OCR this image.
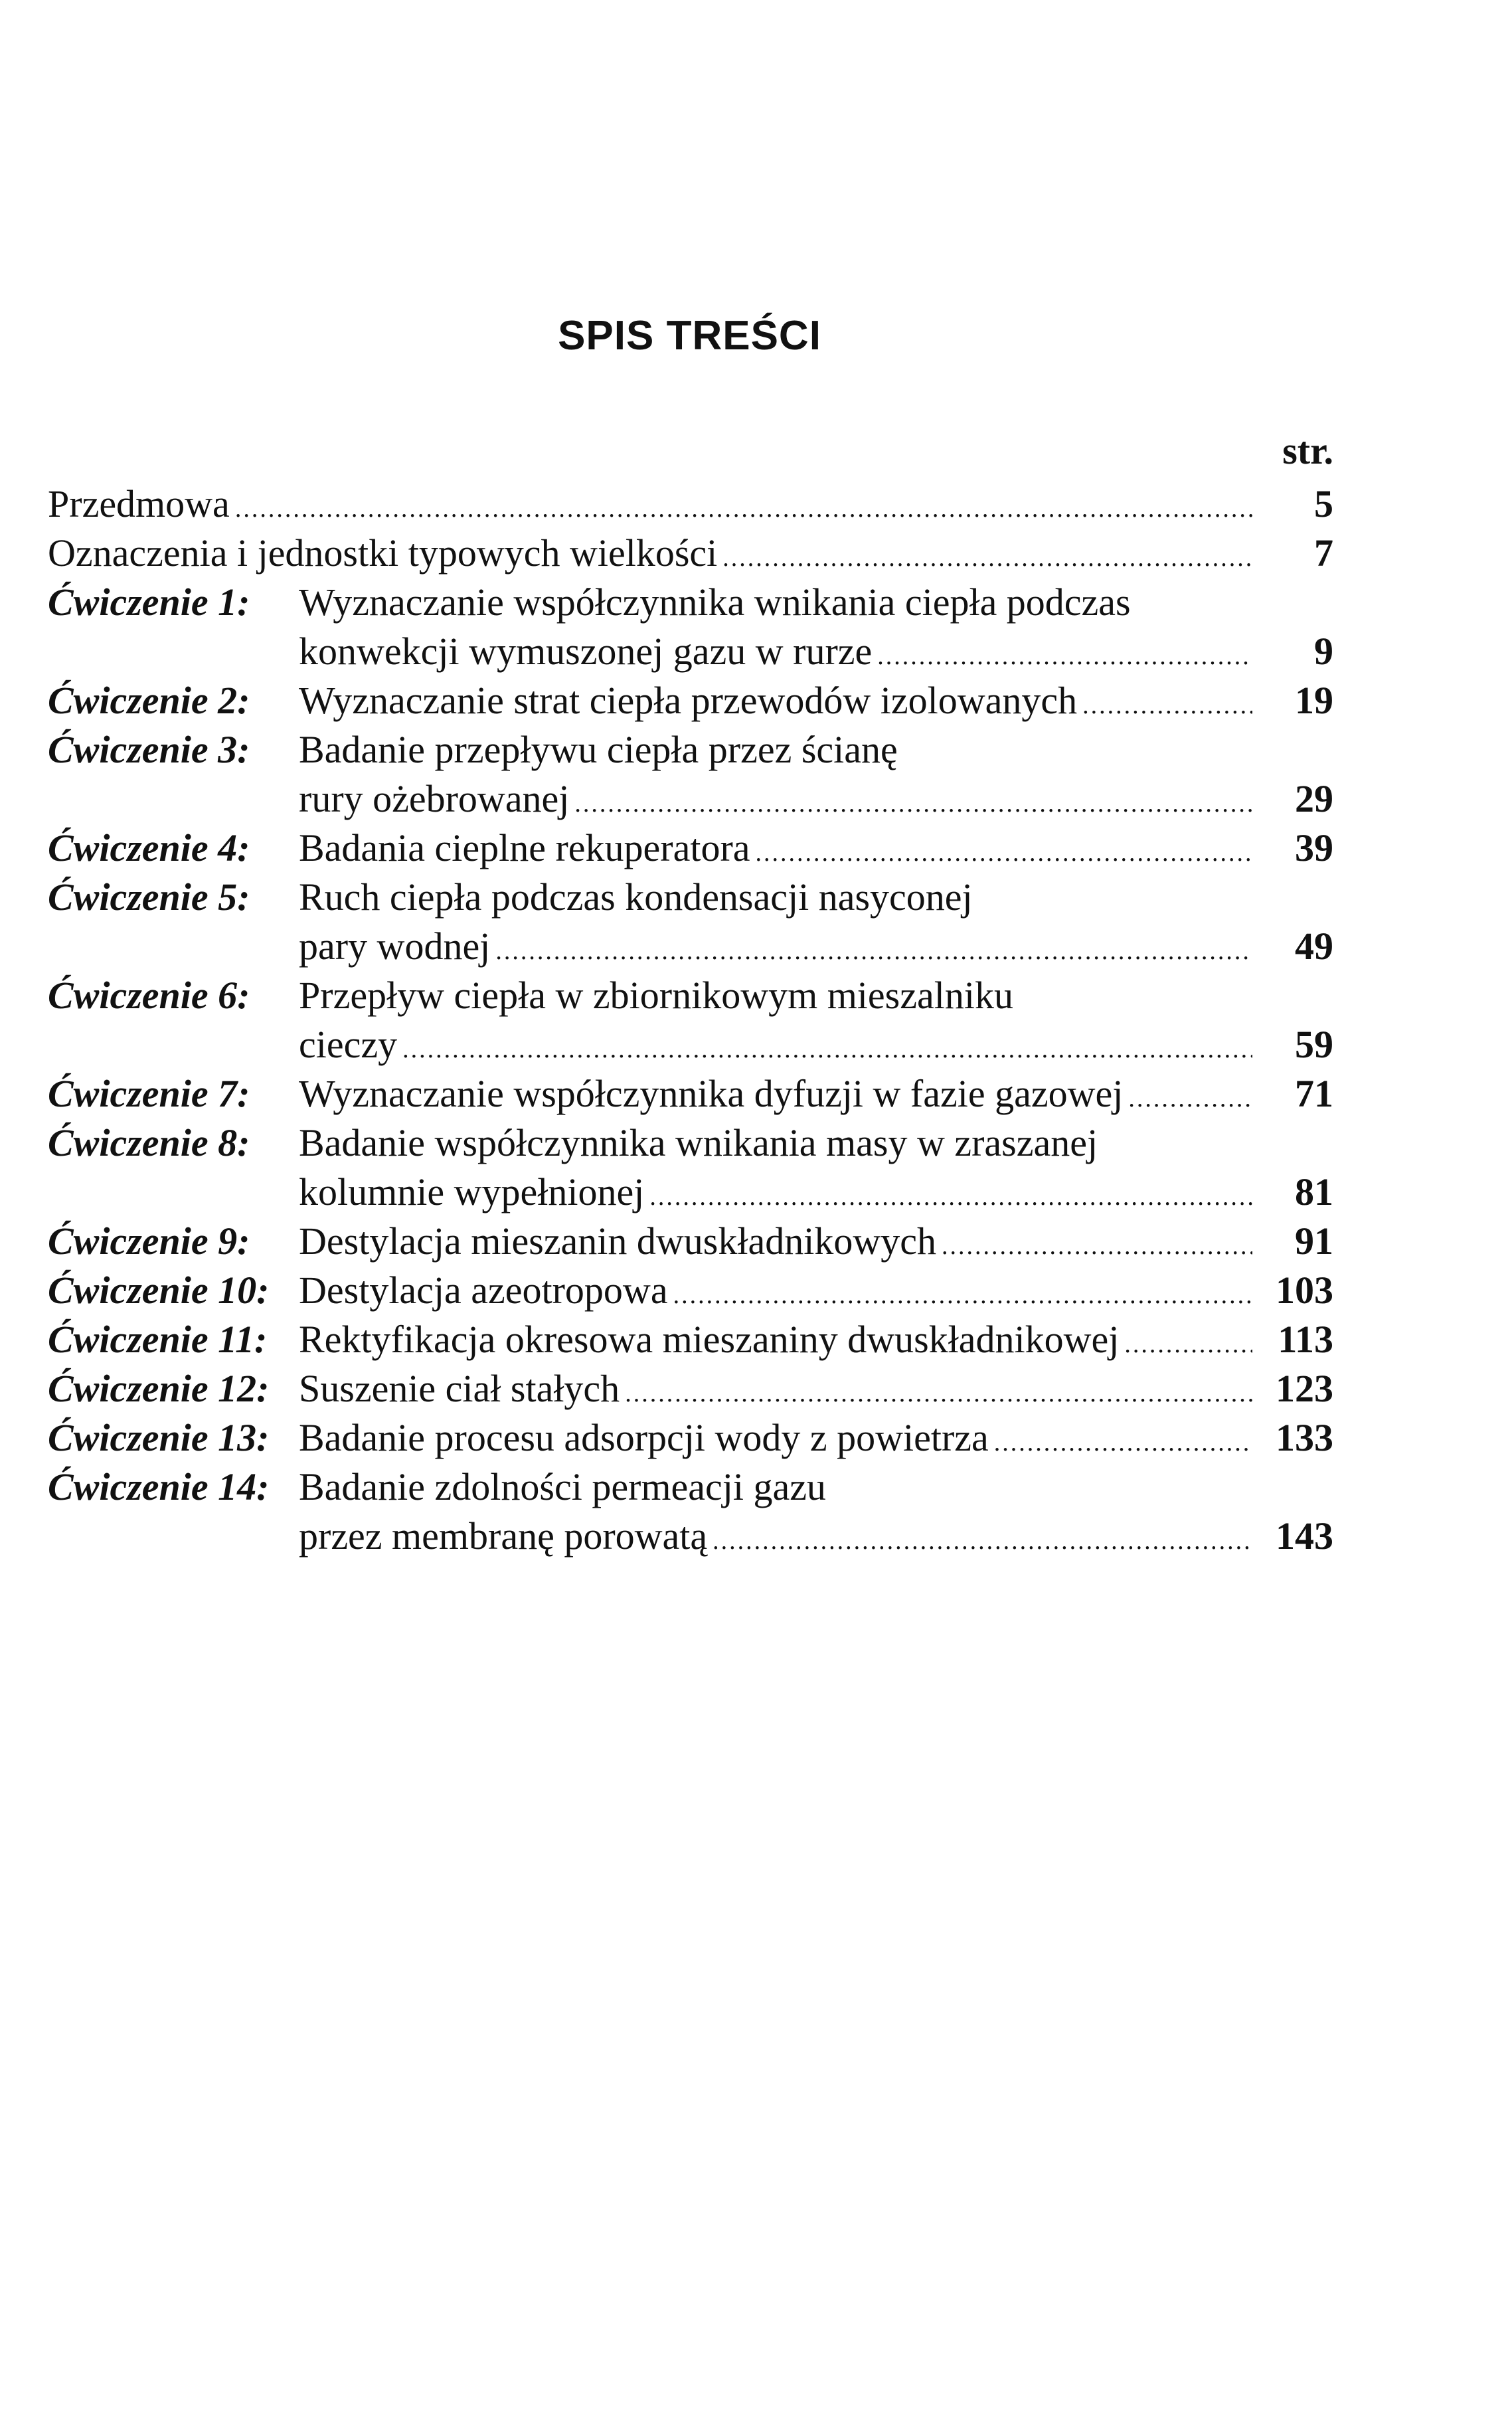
SPIS TREŚCI
str.
Przedmowa .....	5
Oznaczenia i jednostki typowych wielkości .....	7
Ćwiczenie 1:	Wyznaczanie współczynnika wnikania ciepła podczas
konwekcji wymuszonej gazu w rurze .....	9
Ćwiczenie 2:	Wyznaczanie strat ciepła przewodów izolowanych .....	19
Ćwiczenie 3:	Badanie przepływu ciepła przez ścianę
rury ożebrowanej .....	29
Ćwiczenie 4:	Badania cieplne rekuperatora .....	39
Ćwiczenie 5:	Ruch ciepła podczas kondensacji nasyconej
pary wodnej .....	49
Ćwiczenie 6:	Przepływ ciepła w zbiornikowym mieszalniku
cieczy .....	59
Ćwiczenie 7:	Wyznaczanie współczynnika dyfuzji w fazie gazowej .....	71
Ćwiczenie 8:	Badanie współczynnika wnikania masy w zraszanej
kolumnie wypełnionej .....	81
Ćwiczenie 9:	Destylacja mieszanin dwuskładnikowych .....	91
Ćwiczenie 10: Destylacja azeotropowa .....	103
Ćwiczenie 11: Rektyfikacja okresowa mieszaniny dwuskładnikowej .....	113
Ćwiczenie 12: Suszenie ciał stałych .....	123
Ćwiczenie 13: Badanie procesu adsorpcji wody z powietrza .....	133
Ćwiczenie 14: Badanie zdolności permeacji gazu
przez membranę porowatą .....	143
